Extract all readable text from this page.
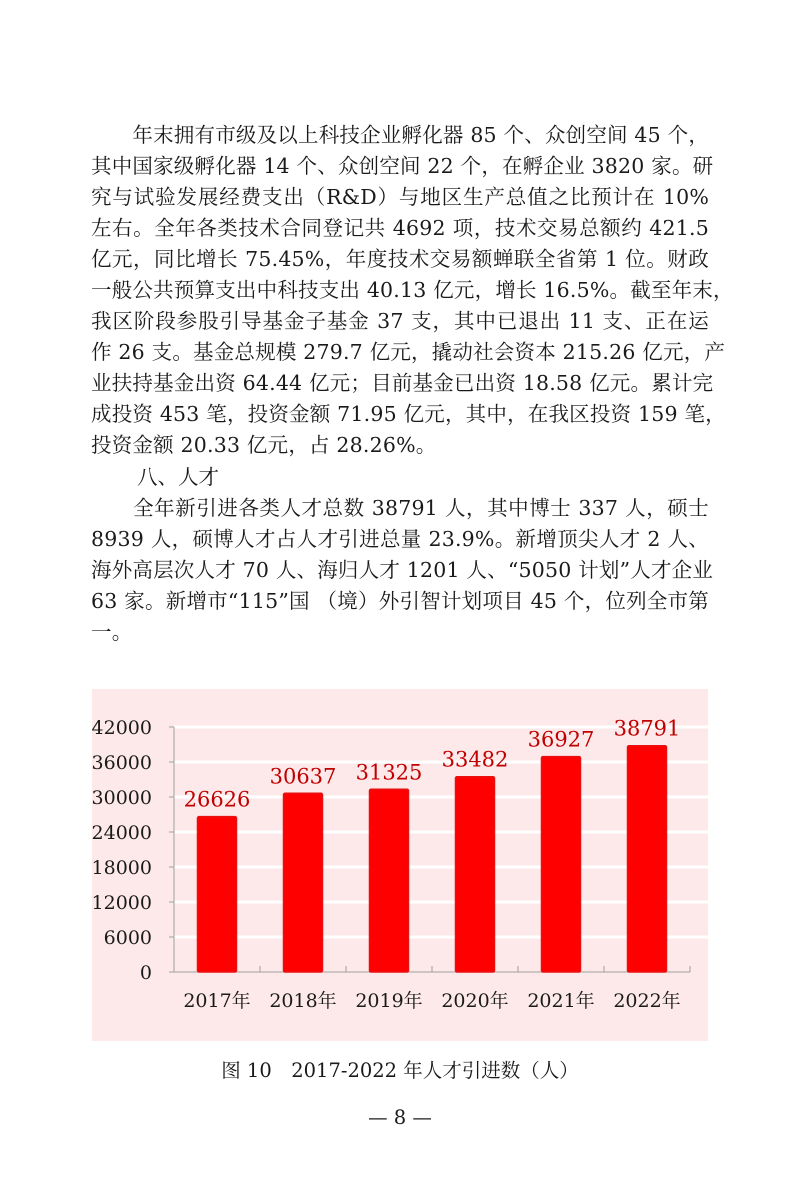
　　年末拥有市级及以上科技企业孵化器 85 个、众创空间 45 个，
其中国家级孵化器 14 个、众创空间 22 个，在孵企业 3820 家。研
究与试验发展经费支出（R&D）与地区生产总值之比预计在 10%
左右。全年各类技术合同登记共 4692 项，技术交易总额约 421.5
亿元，同比增长 75.45%，年度技术交易额蝉联全省第 1 位。财政
一般公共预算支出中科技支出 40.13 亿元，增长 16.5%。截至年末，
我区阶段参股引导基金子基金 37 支，其中已退出 11 支、正在运
作 26 支。基金总规模 279.7 亿元，撬动社会资本 215.26 亿元，产
业扶持基金出资 64.44 亿元；目前基金已出资 18.58 亿元。累计完
成投资 453 笔，投资金额 71.95 亿元，其中，在我区投资 159 笔，
投资金额 20.33 亿元，占 28.26%。
八、人才
　　全年新引进各类人才总数 38791 人，其中博士 337 人，硕士
8939 人，硕博人才占人才引进总量 23.9%。新增顶尖人才 2 人、
海外高层次人才 70 人、海归人才 1201 人、“5050 计划”人才企业
63 家。新增市“115”国 （境）外引智计划项目 45 个，位列全市第
一。
0
6000
12000
18000
24000
30000
36000
42000
26626
2017年
30637
2018年
31325
2019年
33482
2020年
36927
2021年
38791
2022年
图 10　2017-2022 年人才引进数（人）
— 8 —
